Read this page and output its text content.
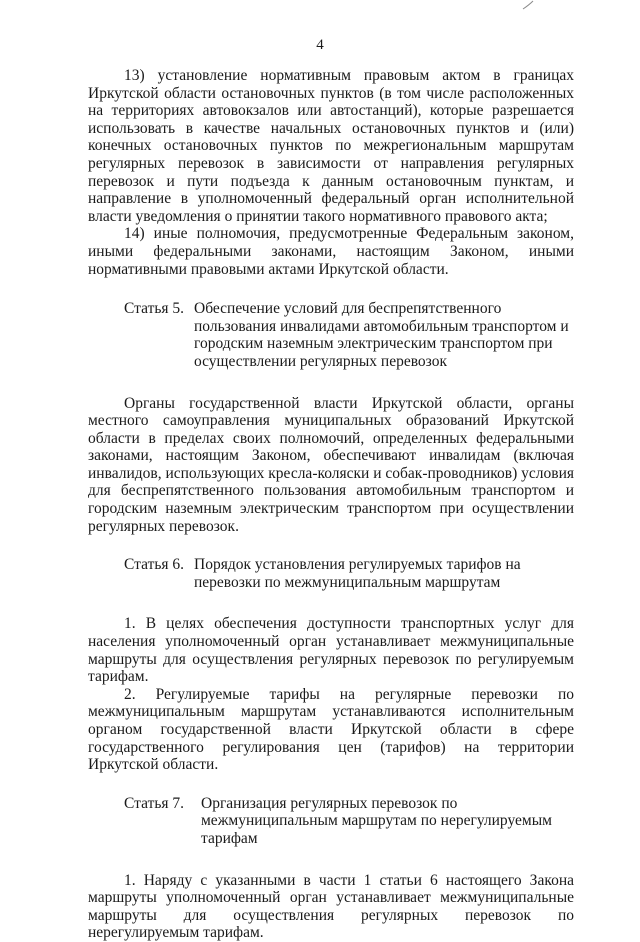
4

13) установление нормативным правовым актом в границах Иркутской области остановочных пунктов (в том числе расположенных на территориях автовокзалов или автостанций), которые разрешается использовать в качестве начальных остановочных пунктов и (или) конечных остановочных пунктов по межрегиональным маршрутам регулярных перевозок в зависимости от направления регулярных перевозок и пути подъезда к данным остановочным пунктам, и направление в уполномоченный федеральный орган исполнительной власти уведомления о принятии такого нормативного правового акта;

14) иные полномочия, предусмотренные Федеральным законом, иными федеральными законами, настоящим Законом, иными нормативными правовыми актами Иркутской области.

Статья 5. Обеспечение условий для беспрепятственного пользования инвалидами автомобильным транспортом и городским наземным электрическим транспортом при осуществлении регулярных перевозок

Органы государственной власти Иркутской области, органы местного самоуправления муниципальных образований Иркутской области в пределах своих полномочий, определенных федеральными законами, настоящим Законом, обеспечивают инвалидам (включая инвалидов, использующих кресла-коляски и собак-проводников) условия для беспрепятственного пользования автомобильным транспортом и городским наземным электрическим транспортом при осуществлении регулярных перевозок.

Статья 6. Порядок установления регулируемых тарифов на перевозки по межмуниципальным маршрутам

1. В целях обеспечения доступности транспортных услуг для населения уполномоченный орган устанавливает межмуниципальные маршруты для осуществления регулярных перевозок по регулируемым тарифам.

2. Регулируемые тарифы на регулярные перевозки по межмуниципальным маршрутам устанавливаются исполнительным органом государственной власти Иркутской области в сфере государственного регулирования цен (тарифов) на территории Иркутской области.

Статья 7.	Организация регулярных перевозок по межмуниципальным маршрутам по нерегулируемым тарифам

1. Наряду с указанными в части 1 статьи 6 настоящего Закона маршруты уполномоченный орган устанавливает межмуниципальные маршруты для осуществления регулярных перевозок по нерегулируемым тарифам.
